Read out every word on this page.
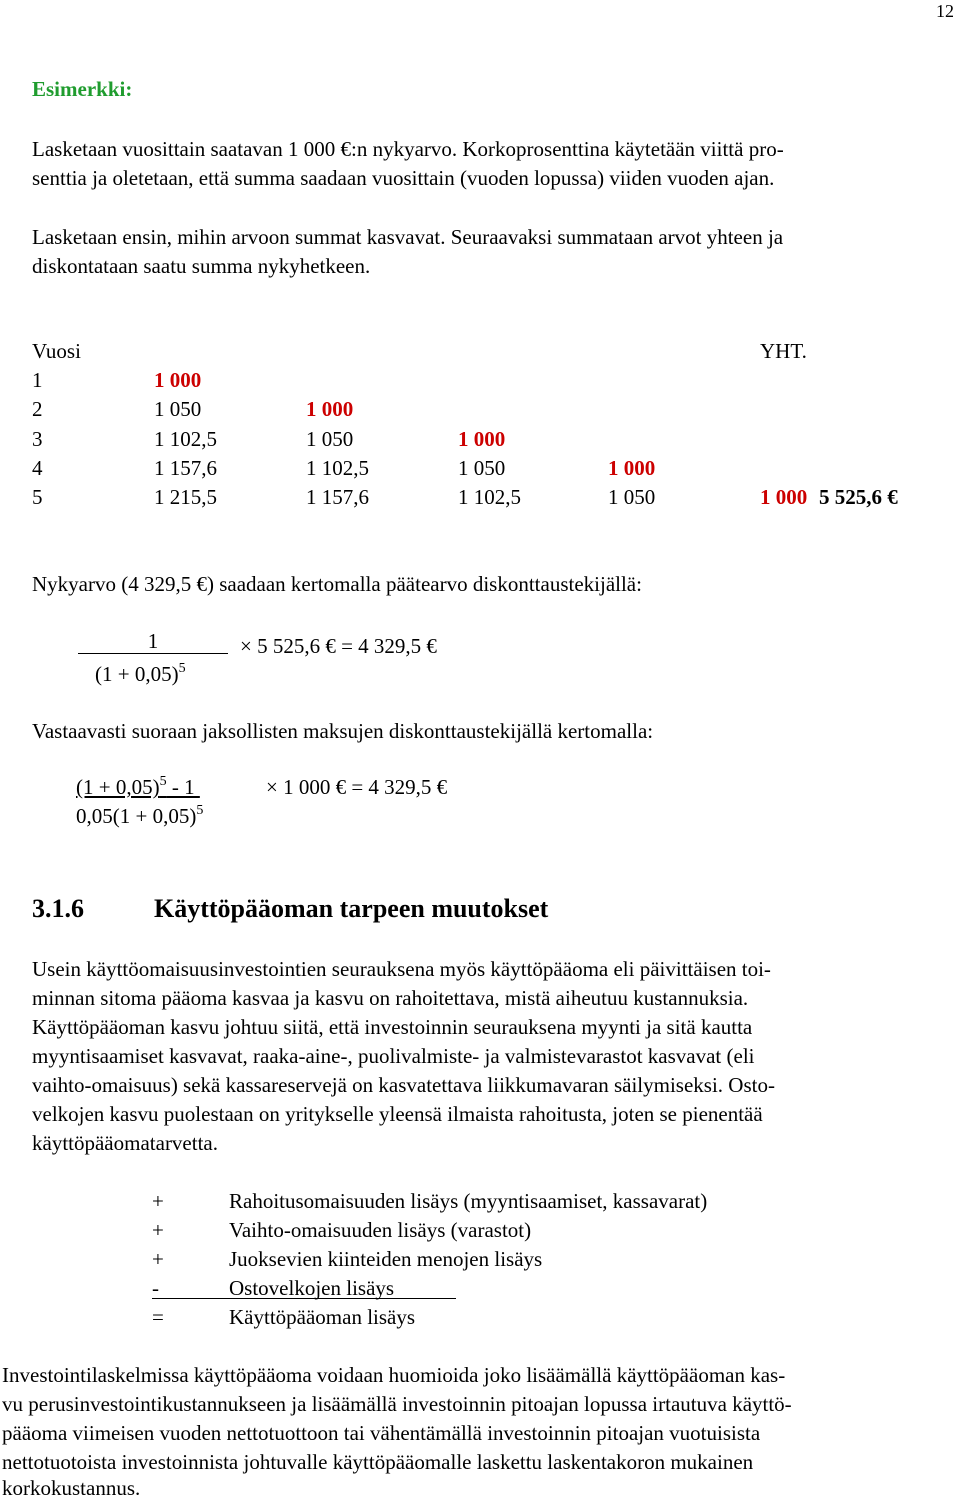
12
Esimerkki:
Lasketaan vuosittain saatavan 1 000 €:n nykyarvo. Korkoprosenttina käytetään viittä pro-
senttia ja oletetaan, että summa saadaan vuosittain (vuoden lopussa) viiden vuoden ajan.
Lasketaan ensin, mihin arvoon summat kasvavat. Seuraavaksi summataan arvot yhteen ja
diskontataan saatu summa nykyhetkeen.
Vuosi	YHT.
1	1 000
2	1 050	1 000
3	1 102,5	1 050	1 000
4	1 157,6	1 102,5	1 050	1 000
5	1 215,5	1 157,6	1 102,5	1 050	1 000 5 525,6 €
Nykyarvo (4 329,5 €) saadaan kertomalla päätearvo diskonttaustekijällä:
1
$(1 + 0,05)^5$
× 5 525,6 € = 4 329,5 €
Vastaavasti suoraan jaksollisten maksujen diskonttaustekijällä kertomalla:
$(1 + 0,05)^5 - 1$	× 1 000 € = 4 329,5 €
$0,05(1 + 0,05)^5$
3.1.6	Käyttöpääoman tarpeen muutokset
Usein käyttöomaisuusinvestointien seurauksena myös käyttöpääoma eli päivittäisen toi-
minnan sitoma pääoma kasvaa ja kasvu on rahoitettava, mistä aiheutuu kustannuksia.
Käyttöpääoman kasvu johtuu siitä, että investoinnin seurauksena myynti ja sitä kautta
myyntisaamiset kasvavat, raaka-aine-, puolivalmiste- ja valmistevarastot kasvavat (eli
vaihto-omaisuus) sekä kassareservejä on kasvatettava liikkumavaran säilymiseksi. Osto-
velkojen kasvu puolestaan on yritykselle yleensä ilmaista rahoitusta, joten se pienentää
käyttöpääomatarvetta.
+	Rahoitusomaisuuden lisäys (myyntisaamiset, kassavarat)
+	Vaihto-omaisuuden lisäys (varastot)
+	Juoksevien kiinteiden menojen lisäys
-	Ostovelkojen lisäys
=	Käyttöpääoman lisäys
Investointilaskelmissa käyttöpääoma voidaan huomioida joko lisäämällä käyttöpääoman kas-
vu perusinvestointikustannukseen ja lisäämällä investoinnin pitoajan lopussa irtautuva käyttö-
pääoma viimeisen vuoden nettotuottoon tai vähentämällä investoinnin pitoajan vuotuisista
nettotuotoista investoinnista johtuvalle käyttöpääomalle laskettu laskentakoron mukainen
korkokustannus.
